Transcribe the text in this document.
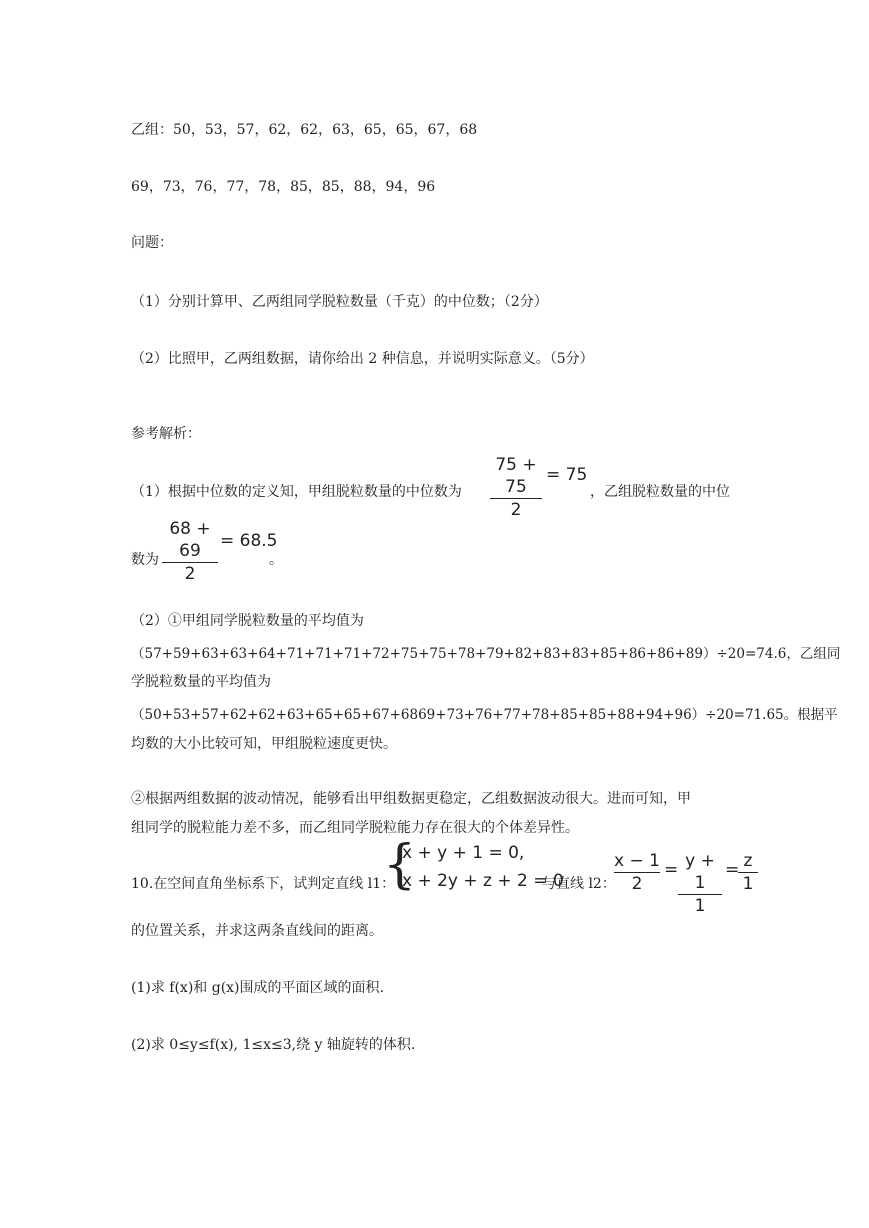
乙组：50，53，57，62，62，63，65，65，67，68
69，73，76，77，78，85，85，88，94，96
问题：
（1）分别计算甲、乙两组同学脱粒数量（千克）的中位数；（2分）
（2）比照甲，乙两组数据，请你给出 2 种信息，并说明实际意义。（5分）
参考解析：
（1）根据中位数的定义知，甲组脱粒数量的中位数为
75 + 75
2
= 75
，乙组脱粒数量的中位
数为
68 + 69
2
= 68.5
。
（2）①甲组同学脱粒数量的平均值为
（57+59+63+63+64+71+71+71+72+75+75+78+79+82+83+83+85+86+86+89）÷20=74.6，乙组同
学脱粒数量的平均值为
（50+53+57+62+62+63+65+65+67+6869+73+76+77+78+85+85+88+94+96）÷20=71.65。根据平
均数的大小比较可知，甲组脱粒速度更快。
②根据两组数据的波动情况，能够看出甲组数据更稳定，乙组数据波动很大。进而可知，甲
组同学的脱粒能力差不多，而乙组同学脱粒能力存在很大的个体差异性。
10.在空间直角坐标系下，试判定直线 l1：
{
x + y + 1 = 0,
x + 2y + z + 2 = 0
与直线 l2：
x − 1
2
= y + 1
1
= z
1
的位置关系，并求这两条直线间的距离。
(1)求 f(x)和 g(x)围成的平面区域的面积.
(2)求 0≤y≤f(x), 1≤x≤3,绕 y 轴旋转的体积.
